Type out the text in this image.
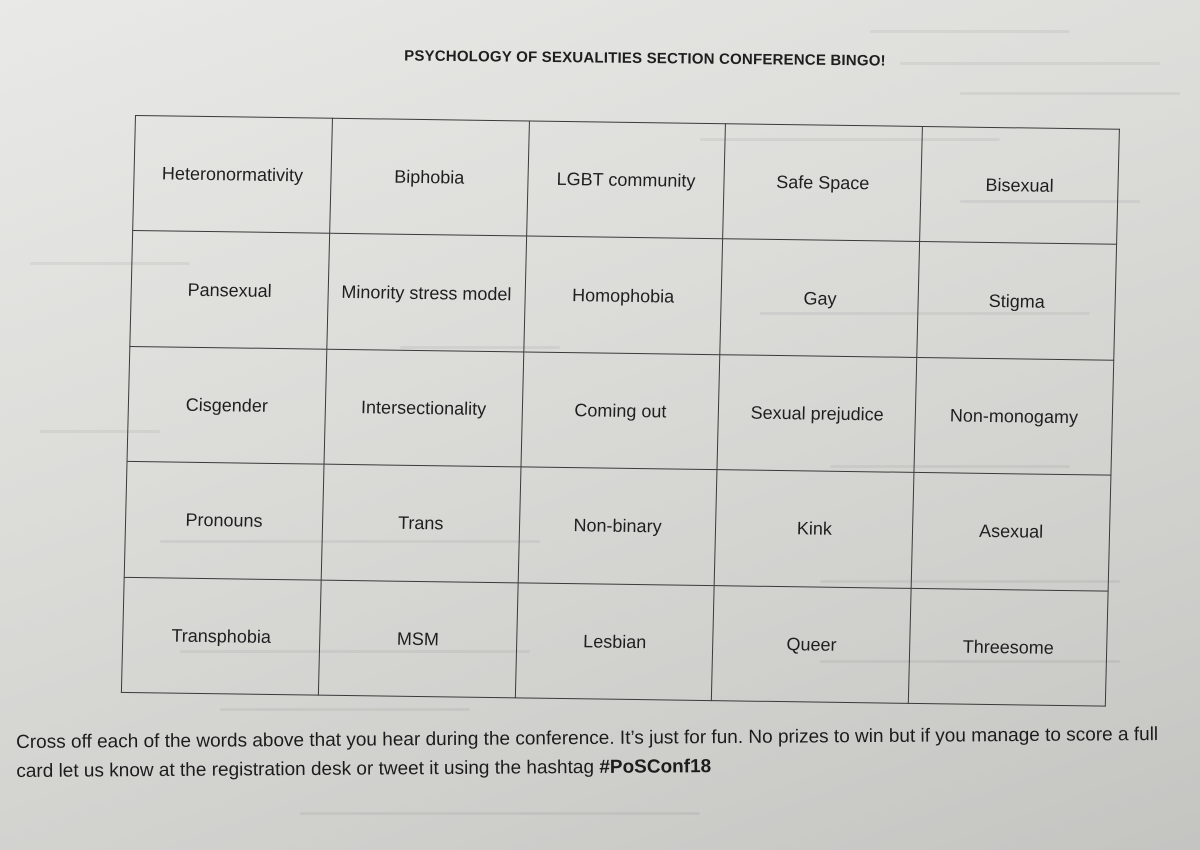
PSYCHOLOGY OF SEXUALITIES SECTION CONFERENCE BINGO!
Heteronormativity	Biphobia	LGBT community	Safe Space	Bisexual
Pansexual	Minority stress model	Homophobia	Gay	Stigma
Cisgender	Intersectionality	Coming out	Sexual prejudice	Non-monogamy
Pronouns	Trans	Non-binary	Kink	Asexual
Transphobia	MSM	Lesbian	Queer	Threesome
Cross off each of the words above that you hear during the conference. It’s just for fun. No prizes to win but if you manage to score a full card let us know at the registration desk or tweet it using the hashtag #PoSConf18
